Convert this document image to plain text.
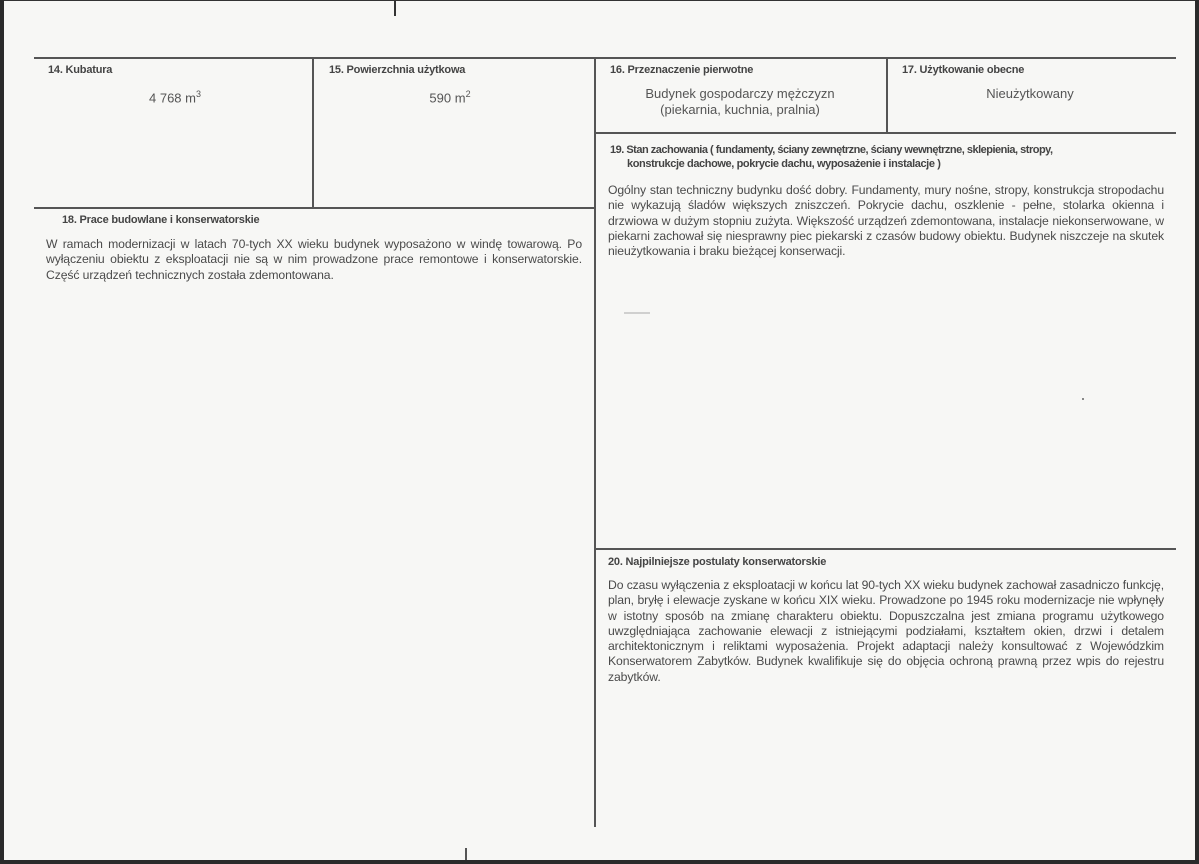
14. Kubatura
4 768 $m^3$
15. Powierzchnia użytkowa
590 $m^2$
16. Przeznaczenie pierwotne
Budynek gospodarczy mężczyzn
(piekarnia, kuchnia, pralnia)
17. Użytkowanie obecne
Nieużytkowany
19. Stan zachowania ( fundamenty, ściany zewnętrzne, ściany wewnętrzne, sklepienia, stropy,
konstrukcje dachowe, pokrycie dachu, wyposażenie i instalacje )
Ogólny stan techniczny budynku dość dobry. Fundamenty, mury nośne, stropy, konstrukcja stropodachu nie wykazują śladów większych zniszczeń. Pokrycie dachu, oszklenie - pełne, stolarka okienna i drzwiowa w dużym stopniu zużyta. Większość urządzeń zdemontowana, instalacje niekonserwowane, w piekarni zachował się niesprawny piec piekarski z czasów budowy obiektu. Budynek niszczeje na skutek nieużytkowania i braku bieżącej konserwacji.
18. Prace budowlane i konserwatorskie
W ramach modernizacji w latach 70-tych XX wieku budynek wyposażono w windę towarową. Po wyłączeniu obiektu z eksploatacji nie są w nim prowadzone prace remontowe i konserwatorskie. Część urządzeń technicznych została zdemontowana.
20. Najpilniejsze postulaty konserwatorskie
Do czasu wyłączenia z eksploatacji w końcu lat 90-tych XX wieku budynek zachował zasadniczo funkcję, plan, bryłę i elewacje zyskane w końcu XIX wieku. Prowadzone po 1945 roku modernizacje nie wpłynęły w istotny sposób na zmianę charakteru obiektu. Dopuszczalna jest zmiana programu użytkowego uwzględniająca zachowanie elewacji z istniejącymi podziałami, kształtem okien, drzwi i detalem architektonicznym i reliktami wyposażenia. Projekt adaptacji należy konsultować z Wojewódzkim Konserwatorem Zabytków. Budynek kwalifikuje się do objęcia ochroną prawną przez wpis do rejestru zabytków.
